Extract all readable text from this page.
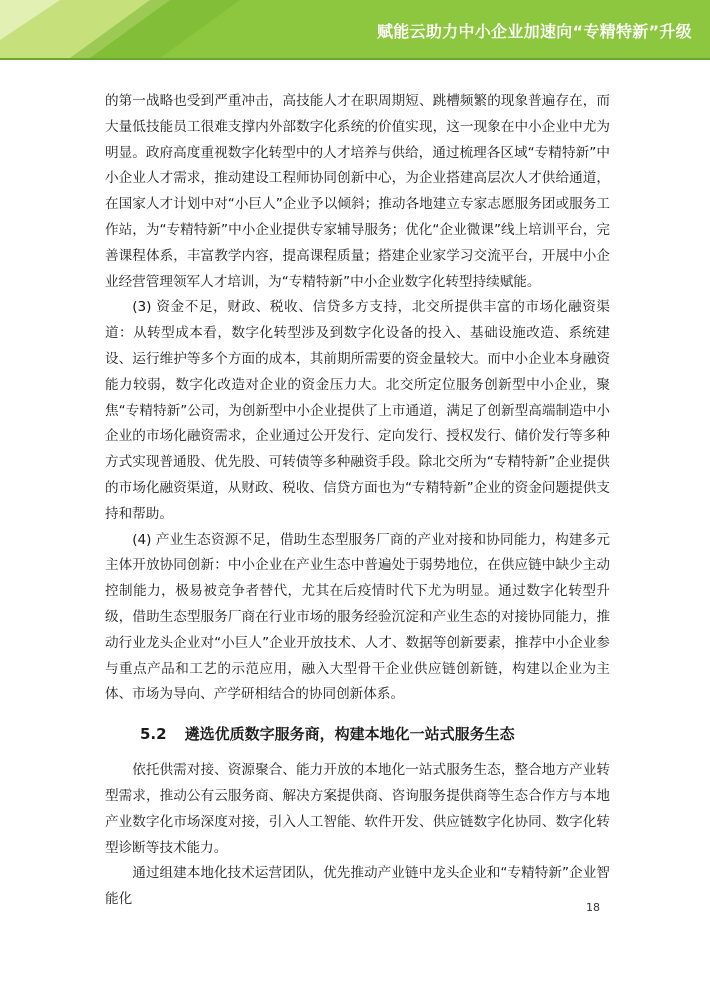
赋能云助力中小企业加速向“专精特新”升级

的第一战略也受到严重冲击，高技能人才在职周期短、跳槽频繁的现象普遍存在，而大量低技能员工很难支撑内外部数字化系统的价值实现，这一现象在中小企业中尤为明显。政府高度重视数字化转型中的人才培养与供给，通过梳理各区域“专精特新”中小企业人才需求，推动建设工程师协同创新中心，为企业搭建高层次人才供给通道，在国家人才计划中对“小巨人”企业予以倾斜；推动各地建立专家志愿服务团或服务工作站，为“专精特新”中小企业提供专家辅导服务；优化“企业微课”线上培训平台，完善课程体系，丰富教学内容，提高课程质量；搭建企业家学习交流平台，开展中小企业经营管理领军人才培训，为“专精特新”中小企业数字化转型持续赋能。

(3) 资金不足，财政、税收、信贷多方支持，北交所提供丰富的市场化融资渠道：从转型成本看，数字化转型涉及到数字化设备的投入、基础设施改造、系统建设、运行维护等多个方面的成本，其前期所需要的资金量较大。而中小企业本身融资能力较弱，数字化改造对企业的资金压力大。北交所定位服务创新型中小企业，聚焦“专精特新”公司，为创新型中小企业提供了上市通道，满足了创新型高端制造中小企业的市场化融资需求，企业通过公开发行、定向发行、授权发行、储价发行等多种方式实现普通股、优先股、可转债等多种融资手段。除北交所为“专精特新”企业提供的市场化融资渠道，从财政、税收、信贷方面也为“专精特新”企业的资金问题提供支持和帮助。

(4) 产业生态资源不足，借助生态型服务厂商的产业对接和协同能力，构建多元主体开放协同创新：中小企业在产业生态中普遍处于弱势地位，在供应链中缺少主动控制能力，极易被竞争者替代，尤其在后疫情时代下尤为明显。通过数字化转型升级，借助生态型服务厂商在行业市场的服务经验沉淀和产业生态的对接协同能力，推动行业龙头企业对“小巨人”企业开放技术、人才、数据等创新要素，推荐中小企业参与重点产品和工艺的示范应用，融入大型骨干企业供应链创新链，构建以企业为主体、市场为导向、产学研相结合的协同创新体系。

5.2 遴选优质数字服务商，构建本地化一站式服务生态

依托供需对接、资源聚合、能力开放的本地化一站式服务生态，整合地方产业转型需求，推动公有云服务商、解决方案提供商、咨询服务提供商等生态合作方与本地产业数字化市场深度对接，引入人工智能、软件开发、供应链数字化协同、数字化转型诊断等技术能力。

通过组建本地化技术运营团队，优先推动产业链中龙头企业和“专精特新”企业智能化

18
